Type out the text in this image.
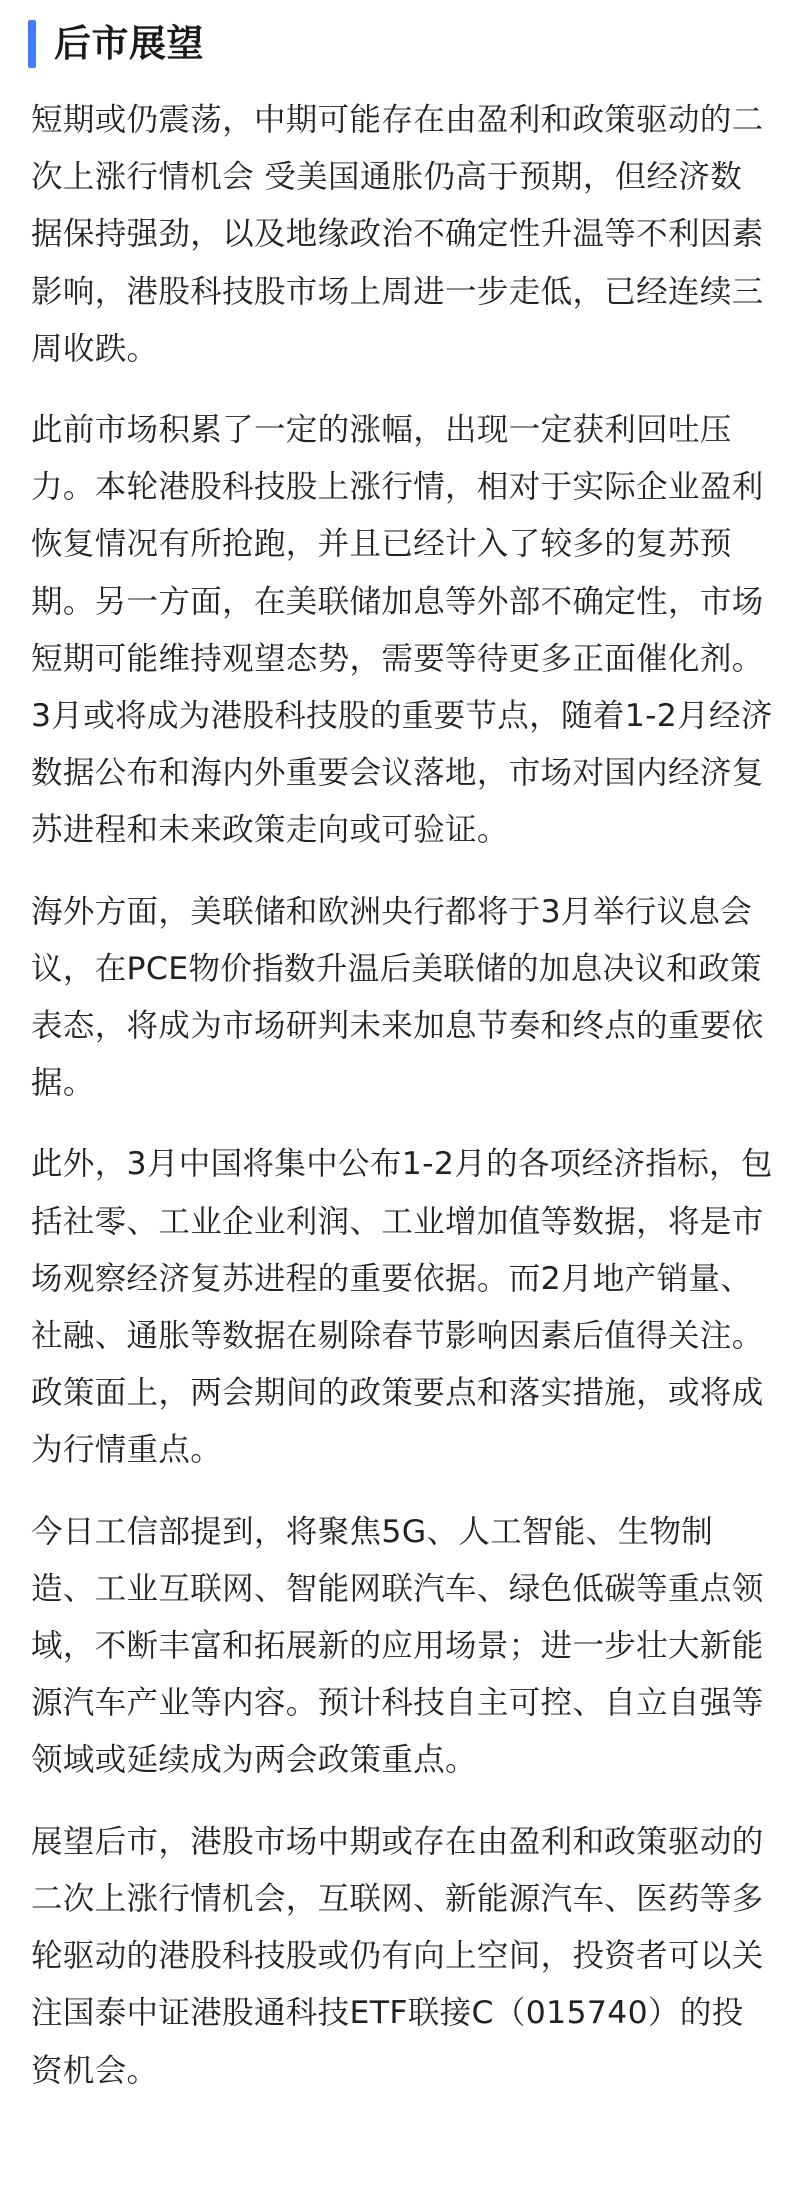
后市展望

短期或仍震荡，中期可能存在由盈利和政策驱动的二次上涨行情机会 受美国通胀仍高于预期，但经济数据保持强劲，以及地缘政治不确定性升温等不利因素影响，港股科技股市场上周进一步走低，已经连续三周收跌。

此前市场积累了一定的涨幅，出现一定获利回吐压力。本轮港股科技股上涨行情，相对于实际企业盈利恢复情况有所抢跑，并且已经计入了较多的复苏预期。另一方面，在美联储加息等外部不确定性，市场短期可能维持观望态势，需要等待更多正面催化剂。 3月或将成为港股科技股的重要节点，随着1-2月经济数据公布和海内外重要会议落地，市场对国内经济复苏进程和未来政策走向或可验证。

海外方面，美联储和欧洲央行都将于3月举行议息会议，在PCE物价指数升温后美联储的加息决议和政策表态，将成为市场研判未来加息节奏和终点的重要依据。

此外，3月中国将集中公布1-2月的各项经济指标，包括社零、工业企业利润、工业增加值等数据，将是市场观察经济复苏进程的重要依据。而2月地产销量、社融、通胀等数据在剔除春节影响因素后值得关注。 政策面上，两会期间的政策要点和落实措施，或将成为行情重点。

今日工信部提到，将聚焦5G、人工智能、生物制造、工业互联网、智能网联汽车、绿色低碳等重点领域，不断丰富和拓展新的应用场景；进一步壮大新能源汽车产业等内容。预计科技自主可控、自立自强等领域或延续成为两会政策重点。

展望后市，港股市场中期或存在由盈利和政策驱动的二次上涨行情机会，互联网、新能源汽车、医药等多轮驱动的港股科技股或仍有向上空间，投资者可以关注国泰中证港股通科技ETF联接C（015740）的投资机会。
